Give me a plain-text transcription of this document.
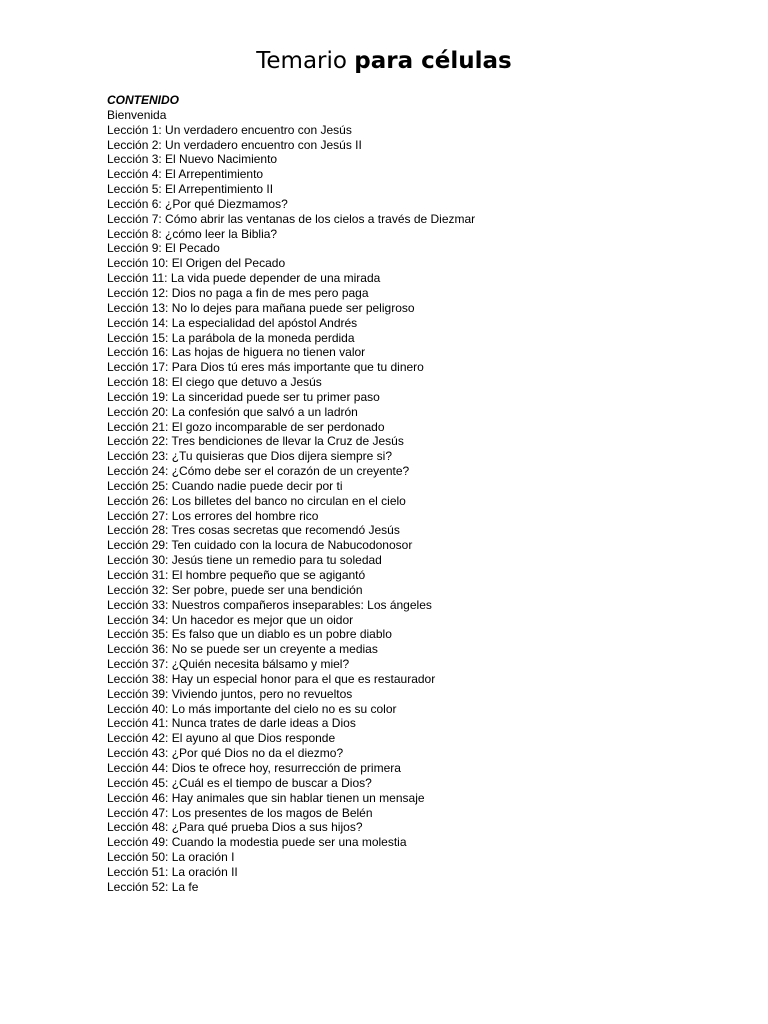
Temario para células
CONTENIDO
Bienvenida
Lección 1: Un verdadero encuentro con Jesús
Lección 2: Un verdadero encuentro con Jesús II
Lección 3: El Nuevo Nacimiento
Lección 4: El Arrepentimiento
Lección 5: El Arrepentimiento II
Lección 6: ¿Por qué Diezmamos?
Lección 7: Cómo abrir las ventanas de los cielos a través de Diezmar
Lección 8: ¿cómo leer la Biblia?
Lección 9: El Pecado
Lección 10: El Origen del Pecado
Lección 11: La vida puede depender de una mirada
Lección 12: Dios no paga a fin de mes pero paga
Lección 13: No lo dejes para mañana puede ser peligroso
Lección 14: La especialidad del apóstol Andrés
Lección 15: La parábola de la moneda perdida
Lección 16: Las hojas de higuera no tienen valor
Lección 17: Para Dios tú eres más importante que tu dinero
Lección 18: El ciego que detuvo a Jesús
Lección 19: La sinceridad puede ser tu primer paso
Lección 20: La confesión que salvó a un ladrón
Lección 21: El gozo incomparable de ser perdonado
Lección 22: Tres bendiciones de llevar la Cruz de Jesús
Lección 23: ¿Tu quisieras que Dios dijera siempre si?
Lección 24: ¿Cómo debe ser el corazón de un creyente?
Lección 25: Cuando nadie puede decir por ti
Lección 26: Los billetes del banco no circulan en el cielo
Lección 27: Los errores del hombre rico
Lección 28: Tres cosas secretas que recomendó Jesús
Lección 29: Ten cuidado con la locura de Nabucodonosor
Lección 30: Jesús tiene un remedio para tu soledad
Lección 31: El hombre pequeño que se agigantó
Lección 32: Ser pobre, puede ser una bendición
Lección 33: Nuestros compañeros inseparables: Los ángeles
Lección 34: Un hacedor es mejor que un oidor
Lección 35: Es falso que un diablo es un pobre diablo
Lección 36: No se puede ser un creyente a medias
Lección 37: ¿Quién necesita bálsamo y miel?
Lección 38: Hay un especial honor para el que es restaurador
Lección 39: Viviendo juntos, pero no revueltos
Lección 40: Lo más importante del cielo no es su color
Lección 41: Nunca trates de darle ideas a Dios
Lección 42: El ayuno al que Dios responde
Lección 43: ¿Por qué Dios no da el diezmo?
Lección 44: Dios te ofrece hoy, resurrección de primera
Lección 45: ¿Cuál es el tiempo de buscar a Dios?
Lección 46: Hay animales que sin hablar tienen un mensaje
Lección 47: Los presentes de los magos de Belén
Lección 48: ¿Para qué prueba Dios a sus hijos?
Lección 49: Cuando la modestia puede ser una molestia
Lección 50: La oración I
Lección 51: La oración II
Lección 52: La fe
